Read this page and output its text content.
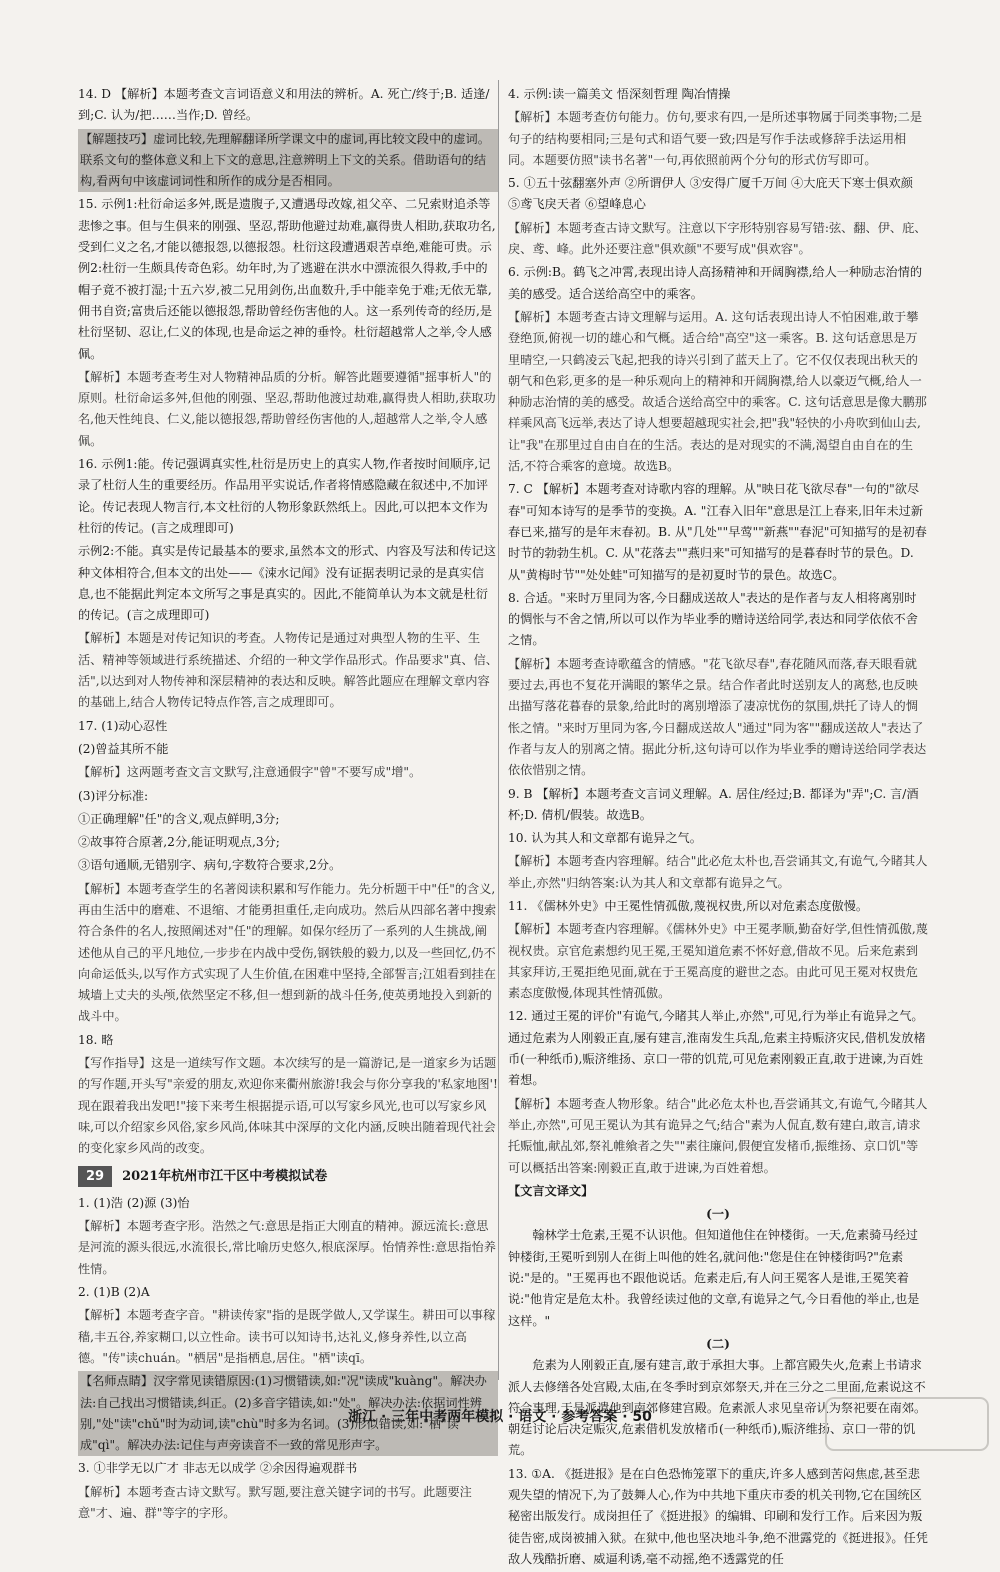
14. D 【解析】本题考查文言词语意义和用法的辨析。A. 死亡/终于;B. 适逢/到;C. 认为/把……当作;D. 曾经。
【解题技巧】虚词比较,先理解翻译所学课文中的虚词,再比较文段中的虚词。联系文句的整体意义和上下文的意思,注意辨明上下文的关系。借助语句的结构,看两句中该虚词词性和所作的成分是否相同。
15. 示例1:杜衍命运多舛,既是遗腹子,又遭遇母改嫁,祖父卒、二兄索财追杀等悲惨之事。但与生俱来的刚强、坚忍,帮助他避过劫难,赢得贵人相助,获取功名,受到仁义之名,才能以德报怨,以德报怨。杜衍这段遭遇艰苦卓绝,难能可贵。示例2:杜衍一生颇具传奇色彩。幼年时,为了逃避在洪水中漂流很久得救,手中的帽子竟不被打湿;十五六岁,被二兄用剑伤,出血数升,手中能幸免于难;无依无靠,佣书自资;富贵后还能以德报怨,帮助曾经伤害他的人。这一系列传奇的经历,是杜衍坚韧、忍让,仁义的体现,也是命运之神的垂怜。杜衍超越常人之举,令人感佩。
【解析】本题考查考生对人物精神品质的分析。解答此题要遵循"摇事析人"的原则。杜衍命运多舛,但他的刚强、坚忍,帮助他渡过劫难,赢得贵人相助,获取功名,他天性纯良、仁义,能以德报怨,帮助曾经伤害他的人,超越常人之举,令人感佩。
16. 示例1:能。传记强调真实性,杜衍是历史上的真实人物,作者按时间顺序,记录了杜衍人生的重要经历。作品用平实说话,作者将情感隐藏在叙述中,不加评论。传记表现人物言行,本文杜衍的人物形象跃然纸上。因此,可以把本文作为杜衍的传记。(言之成理即可)
示例2:不能。真实是传记最基本的要求,虽然本文的形式、内容及写法和传记这种文体相符合,但本文的出处——《涑水记闻》没有证据表明记录的是真实信息,也不能据此判定本文所写之事是真实的。因此,不能简单认为本文就是杜衍的传记。(言之成理即可)
【解析】本题是对传记知识的考查。人物传记是通过对典型人物的生平、生活、精神等领域进行系统描述、介绍的一种文学作品形式。作品要求"真、信、活",以达到对人物传神和深层精神的表达和反映。解答此题应在理解文章内容的基础上,结合人物传记特点作答,言之成理即可。
17. (1)动心忍性
(2)曾益其所不能
【解析】这两题考查文言文默写,注意通假字"曾"不要写成"增"。
(3)评分标准:
①正确理解"任"的含义,观点鲜明,3分;
②故事符合原著,2分,能证明观点,3分;
③语句通顺,无错别字、病句,字数符合要求,2分。
【解析】本题考查学生的名著阅读积累和写作能力。先分析题干中"任"的含义,再由生活中的磨难、不退缩、才能勇担重任,走向成功。然后从四部名著中搜索符合条件的名人,按照阐述对"任"的理解。如保尔经历了一系列的人生挑战,阐述他从自己的平凡地位,一步步在内战中受伤,钢铁般的毅力,以及一些回忆,仍不向命运低头,以写作方式实现了人生价值,在困难中坚持,全部誓言;江姐看到挂在城墙上丈夫的头颅,依然坚定不移,但一想到新的战斗任务,使英勇地投入到新的战斗中。
18. 略
【写作指导】这是一道续写作文题。本次续写的是一篇游记,是一道家乡为话题的写作题,开头写"亲爱的朋友,欢迎你来衢州旅游!我会与你分享我的'私家地图'!现在跟着我出发吧!"接下来考生根据提示语,可以写家乡风光,也可以写家乡风味,可以介绍家乡风俗,家乡风尚,体味其中深厚的文化内涵,反映出随着现代社会的变化家乡风尚的改变。
29	2021年杭州市江干区中考模拟试卷
1. (1)浩 (2)源 (3)怡
【解析】本题考查字形。浩然之气:意思是指正大刚直的精神。源远流长:意思是河流的源头很远,水流很长,常比喻历史悠久,根底深厚。怡情养性:意思指怡养性情。
2. (1)B (2)A
【解析】本题考查字音。"耕读传家"指的是既学做人,又学谋生。耕田可以事稼穑,丰五谷,养家糊口,以立性命。读书可以知诗书,达礼义,修身养性,以立高德。"传"读chuán。"栖居"是指栖息,居住。"栖"读qī。
【名师点睛】汉字常见读错原因:(1)习惯错读,如:"况"读成"kuàng"。解决办法:自己找出习惯错读,纠正。(2)多音字错读,如:"处"。解决办法:依据词性辨别,"处"读"chǔ"时为动词,读"chù"时多为名词。(3)形似错读,如:"栖"读成"qì"。解决办法:记住与声旁读音不一致的常见形声字。
3. ①非学无以广才 非志无以成学 ②余因得遍观群书
【解析】本题考查古诗文默写。默写题,要注意关键字词的书写。此题要注意"才、遍、群"等字的字形。
4. 示例:读一篇美文 悟深刻哲理 陶冶情操
【解析】本题考查仿句能力。仿句,要求有四,一是所述事物属于同类事物;二是句子的结构要相同;三是句式和语气要一致;四是写作手法或修辞手法运用相同。本题要仿照"读书名著"一句,再依照前两个分句的形式仿写即可。
5. ①五十弦翻塞外声 ②所谓伊人 ③安得广厦千万间 ④大庇天下寒士俱欢颜 ⑤鸢飞戾天者 ⑥望峰息心
【解析】本题考查古诗文默写。注意以下字形特别容易写错:弦、翻、伊、庇、戾、鸢、峰。此外还要注意"俱欢颜"不要写成"俱欢容"。
6. 示例:B。鹤飞之冲霄,表现出诗人高扬精神和开阔胸襟,给人一种励志治情的美的感受。适合送给高空中的乘客。
【解析】本题考查古诗文理解与运用。A. 这句话表现出诗人不怕困难,敢于攀登绝顶,俯视一切的雄心和气概。适合给"高空"这一乘客。B. 这句话意思是万里晴空,一只鹤凌云飞起,把我的诗兴引到了蓝天上了。它不仅仅表现出秋天的朝气和色彩,更多的是一种乐观向上的精神和开阔胸襟,给人以豪迈气概,给人一种励志治情的美的感受。故适合送给高空中的乘客。C. 这句话意思是像大鹏那样乘风高飞远举,表达了诗人想要超越现实社会,把"我"轻快的小舟吹到仙山去,让"我"在那里过自由自在的生活。表达的是对现实的不满,渴望自由自在的生活,不符合乘客的意境。故选B。
7. C 【解析】本题考查对诗歌内容的理解。从"映日花飞欲尽春"一句的"欲尽春"可知本诗写的是季节的变换。A. "江春入旧年"意思是江上春来,旧年未过新春已来,描写的是年末春初。B. 从"几处""早莺""新燕""春泥"可知描写的是初春时节的勃勃生机。C. 从"花落去""燕归来"可知描写的是暮春时节的景色。D. 从"黄梅时节""处处蛙"可知描写的是初夏时节的景色。故选C。
8. 合适。"来时万里同为客,今日翻成送故人"表达的是作者与友人相将离别时的惆怅与不舍之情,所以可以作为毕业季的赠诗送给同学,表达和同学依依不舍之情。
【解析】本题考查诗歌蕴含的情感。"花飞欲尽春",春花随风而落,春天眼看就要过去,再也不复花开满眼的繁华之景。结合作者此时送别友人的离愁,也反映出描写落花暮春的景象,给此时的离别增添了凄凉忧伤的氛围,烘托了诗人的惆怅之情。"来时万里同为客,今日翻成送故人"通过"同为客""翻成送故人"表达了作者与友人的别离之情。据此分析,这句诗可以作为毕业季的赠诗送给同学表达依依惜别之情。
9. B 【解析】本题考查文言词义理解。A. 居住/经过;B. 都译为"弄";C. 言/酒杯;D. 倩机/假装。故选B。
10. 认为其人和文章都有诡异之气。
【解析】本题考查内容理解。结合"此必危太朴也,吾尝诵其文,有诡气,今睹其人举止,亦然"归纳答案:认为其人和文章都有诡异之气。
11. 《儒林外史》中王冕性情孤傲,蔑视权贵,所以对危素态度傲慢。
【解析】本题考查内容理解。《儒林外史》中王冕孝顺,勤奋好学,但性情孤傲,蔑视权贵。京官危素想约见王冕,王冕知道危素不怀好意,借故不见。后来危素到其家拜访,王冕拒绝见面,就在于王冕高度的避世之态。由此可见王冕对权贵危素态度傲慢,体现其性情孤傲。
12. 通过王冕的评价"有诡气,今睹其人举止,亦然",可见,行为举止有诡异之气。通过危素为人刚毅正直,屡有建言,淮南发生兵乱,危素主持赈济灾民,借机发放楮币(一种纸币),赈济维扬、京口一带的饥荒,可见危素刚毅正直,敢于进谏,为百姓着想。
【解析】本题考查人物形象。结合"此必危太朴也,吾尝诵其文,有诡气,今睹其人举止,亦然",可见王冕认为其有诡异之气;结合"素为人侃直,数有建白,敢言,请求托赈恤,献乩郊,祭礼帷飨者之失""素往廉问,假便宜发楮币,振维扬、京口饥"等可以概括出答案:刚毅正直,敢于进谏,为百姓着想。
【文言文译文】
(一)
翰林学士危素,王冕不认识他。但知道他住在钟楼街。一天,危素骑马经过钟楼街,王冕听到别人在街上叫他的姓名,就问他:"您是住在钟楼街吗?"危素说:"是的。"王冕再也不跟他说话。危素走后,有人问王冕客人是谁,王冕笑着说:"他肯定是危太朴。我曾经读过他的文章,有诡异之气,今日看他的举止,也是这样。"
(二)
危素为人刚毅正直,屡有建言,敢于承担大事。上都宫殿失火,危素上书请求派人去修缮各处宫殿,太庙,在冬季时到京郊祭天,并在三分之二里面,危素说这不符合事理,于是派遣他到南郊修建宫殿。危素派人求见皇帝认为祭祀要在南郊。朝廷讨论后决定赈灾,危素借机发放楮币(一种纸币),赈济维扬、京口一带的饥荒。
13. ①A. 《挺进报》是在白色恐怖笼罩下的重庆,许多人感到苦闷焦虑,甚至悲观失望的情况下,为了鼓舞人心,作为中共地下重庆市委的机关刊物,它在国统区秘密出版发行。成岗担任了《挺进报》的编辑、印刷和发行工作。后来因为叛徒告密,成岗被捕入狱。在狱中,他也坚决地斗争,绝不泄露党的《挺进报》。任凭敌人残酷折磨、威逼利诱,毫不动摇,绝不透露党的任
浙江 · 三年中考两年模拟 · 语文 · 参考答案 · 50
